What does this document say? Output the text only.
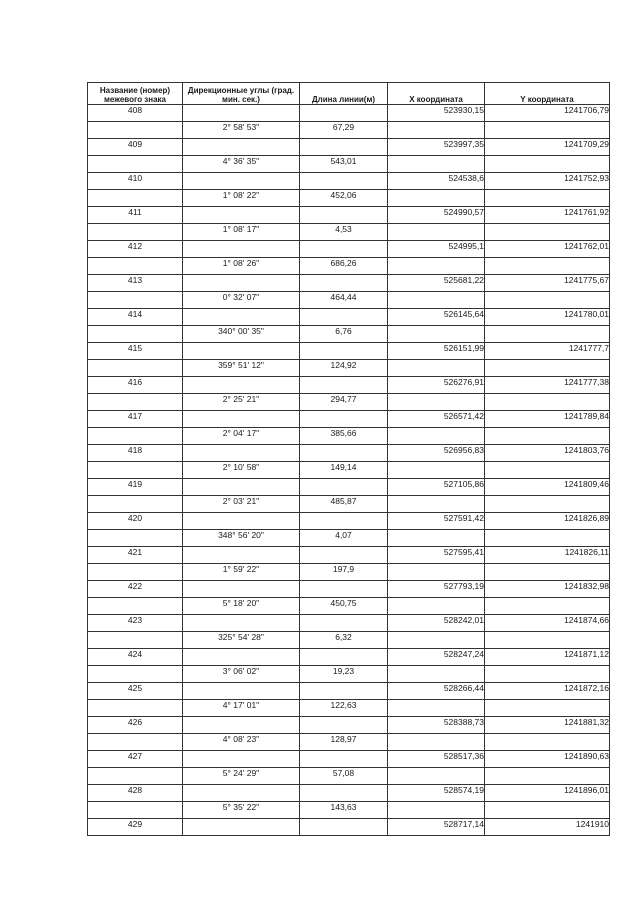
Название (номер) межевого знака	Дирекционные углы (град. мин. сек.)	Длина линии(м)	X координата	Y координата
408			523930,15	1241706,79
	2° 58' 53"	67,29		
409			523997,35	1241709,29
	4° 36' 35"	543,01		
410			524538,6	1241752,93
	1° 08' 22"	452,06		
411			524990,57	1241761,92
	1° 08' 17"	4,53		
412			524995,1	1241762,01
	1° 08' 26"	686,26		
413			525681,22	1241775,67
	0° 32' 07"	464,44		
414			526145,64	1241780,01
	340° 00' 35"	6,76		
415			526151,99	1241777,7
	359° 51' 12"	124,92		
416			526276,91	1241777,38
	2° 25' 21"	294,77		
417			526571,42	1241789,84
	2° 04' 17"	385,66		
418			526956,83	1241803,76
	2° 10' 58"	149,14		
419			527105,86	1241809,46
	2° 03' 21"	485,87		
420			527591,42	1241826,89
	348° 56' 20"	4,07		
421			527595,41	1241826,11
	1° 59' 22"	197,9		
422			527793,19	1241832,98
	5° 18' 20"	450,75		
423			528242,01	1241874,66
	325° 54' 28"	6,32		
424			528247,24	1241871,12
	3° 06' 02"	19,23		
425			528266,44	1241872,16
	4° 17' 01"	122,63		
426			528388,73	1241881,32
	4° 08' 23"	128,97		
427			528517,36	1241890,63
	5° 24' 29"	57,08		
428			528574,19	1241896,01
	5° 35' 22"	143,63		
429			528717,14	1241910
